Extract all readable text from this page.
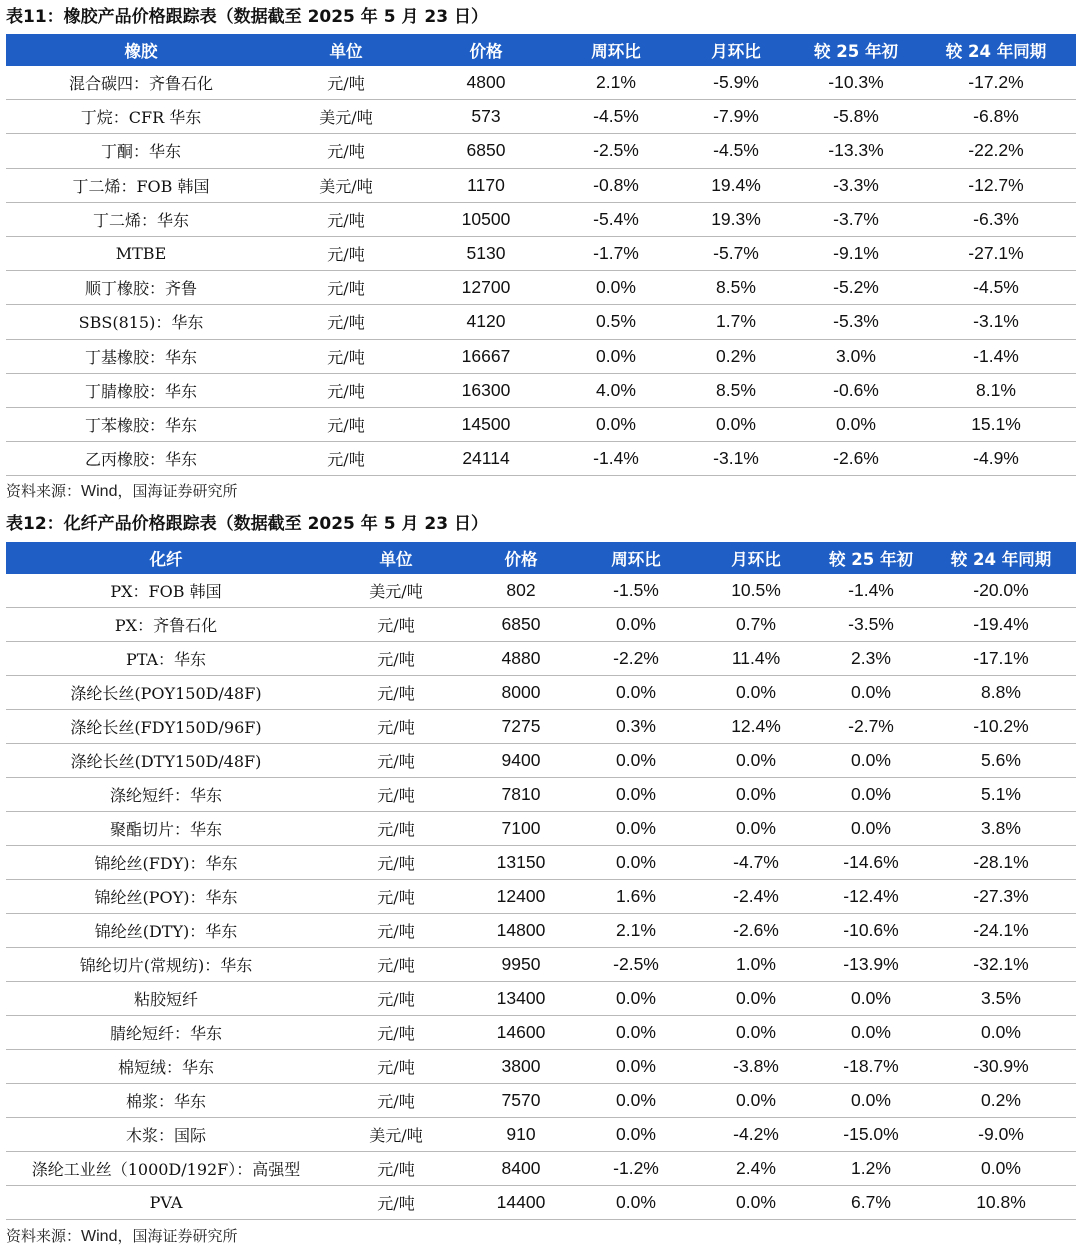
表11：橡胶产品价格跟踪表（数据截至 2025 年 5 月 23 日）
橡胶	单位	价格	周环比	月环比	较 25 年初	较 24 年同期
混合碳四：齐鲁石化	元/吨	4800	2.1%	-5.9%	-10.3%	-17.2%
丁烷：CFR 华东	美元/吨	573	-4.5%	-7.9%	-5.8%	-6.8%
丁酮：华东	元/吨	6850	-2.5%	-4.5%	-13.3%	-22.2%
丁二烯：FOB 韩国	美元/吨	1170	-0.8%	19.4%	-3.3%	-12.7%
丁二烯：华东	元/吨	10500	-5.4%	19.3%	-3.7%	-6.3%
MTBE	元/吨	5130	-1.7%	-5.7%	-9.1%	-27.1%
顺丁橡胶：齐鲁	元/吨	12700	0.0%	8.5%	-5.2%	-4.5%
SBS(815)：华东	元/吨	4120	0.5%	1.7%	-5.3%	-3.1%
丁基橡胶：华东	元/吨	16667	0.0%	0.2%	3.0%	-1.4%
丁腈橡胶：华东	元/吨	16300	4.0%	8.5%	-0.6%	8.1%
丁苯橡胶：华东	元/吨	14500	0.0%	0.0%	0.0%	15.1%
乙丙橡胶：华东	元/吨	24114	-1.4%	-3.1%	-2.6%	-4.9%
资料来源：Wind，国海证券研究所
表12：化纤产品价格跟踪表（数据截至 2025 年 5 月 23 日）
化纤	单位	价格	周环比	月环比	较 25 年初	较 24 年同期
PX：FOB 韩国	美元/吨	802	-1.5%	10.5%	-1.4%	-20.0%
PX：齐鲁石化	元/吨	6850	0.0%	0.7%	-3.5%	-19.4%
PTA：华东	元/吨	4880	-2.2%	11.4%	2.3%	-17.1%
涤纶长丝(POY150D/48F)	元/吨	8000	0.0%	0.0%	0.0%	8.8%
涤纶长丝(FDY150D/96F)	元/吨	7275	0.3%	12.4%	-2.7%	-10.2%
涤纶长丝(DTY150D/48F)	元/吨	9400	0.0%	0.0%	0.0%	5.6%
涤纶短纤：华东	元/吨	7810	0.0%	0.0%	0.0%	5.1%
聚酯切片：华东	元/吨	7100	0.0%	0.0%	0.0%	3.8%
锦纶丝(FDY)：华东	元/吨	13150	0.0%	-4.7%	-14.6%	-28.1%
锦纶丝(POY)：华东	元/吨	12400	1.6%	-2.4%	-12.4%	-27.3%
锦纶丝(DTY)：华东	元/吨	14800	2.1%	-2.6%	-10.6%	-24.1%
锦纶切片(常规纺)：华东	元/吨	9950	-2.5%	1.0%	-13.9%	-32.1%
粘胶短纤	元/吨	13400	0.0%	0.0%	0.0%	3.5%
腈纶短纤：华东	元/吨	14600	0.0%	0.0%	0.0%	0.0%
棉短绒：华东	元/吨	3800	0.0%	-3.8%	-18.7%	-30.9%
棉浆：华东	元/吨	7570	0.0%	0.0%	0.0%	0.2%
木浆：国际	美元/吨	910	0.0%	-4.2%	-15.0%	-9.0%
涤纶工业丝（1000D/192F）：高强型	元/吨	8400	-1.2%	2.4%	1.2%	0.0%
PVA	元/吨	14400	0.0%	0.0%	6.7%	10.8%
资料来源：Wind，国海证券研究所
